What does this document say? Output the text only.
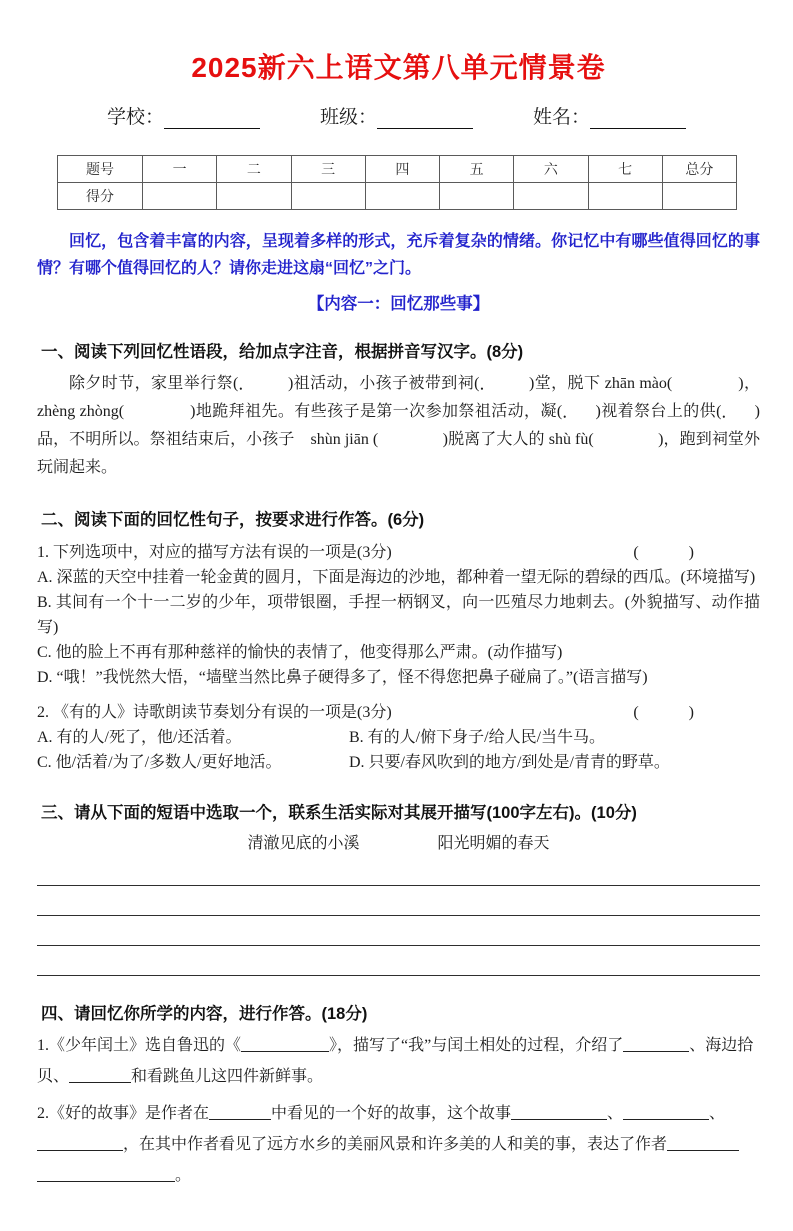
2025新六上语文第八单元情景卷
学校：	班级：	姓名：
题号	一	二	三	四	五	六	七	总分
得分								

回忆，包含着丰富的内容，呈现着多样的形式，充斥着复杂的情绪。你记忆中有哪些值得回忆的事情？有哪个值得回忆的人？请你走进这扇“回忆”之门。

【内容一：回忆那些事】

一、阅读下列回忆性语段，给加点字注音，根据拼音写汉字。(8分)

除夕时节，家里举行祭(　　　)祖活动，小孩子被带到祠(　　　)堂，脱下 zhān mào(　　　　)，zhèng zhòng(　　　　)地跪拜祖先。有些孩子是第一次参加祭祖活动，凝(　　)视着祭台上的供(　　)品，不明所以。祭祖结束后，小孩子　shùn jiān (　　　　)脱离了大人的 shù fù(　　　　)，跑到祠堂外玩闹起来。

二、阅读下面的回忆性句子，按要求进行作答。(6分)
1. 下列选项中，对应的描写方法有误的一项是(3分)	(　　)
A. 深蓝的天空中挂着一轮金黄的圆月，下面是海边的沙地，都种着一望无际的碧绿的西瓜。(环境描写)
B. 其间有一个十一二岁的少年，项带银圈，手捏一柄钢叉，向一匹殖尽力地刺去。(外貌描写、动作描写)
C. 他的脸上不再有那种慈祥的愉快的表情了，他变得那么严肃。(动作描写)
D. “哦！”我恍然大悟，“墙壁当然比鼻子硬得多了，怪不得您把鼻子碰扁了。”(语言描写)
2. 《有的人》诗歌朗读节奏划分有误的一项是(3分)	(　　)
A. 有的人/死了，他/还活着。	B. 有的人/俯下身子/给人民/当牛马。
C. 他/活着/为了/多数人/更好地活。	D. 只要/春风吹到的地方/到处是/青青的野草。
三、请从下面的短语中选取一个，联系生活实际对其展开描写(100字左右)。(10分)
清澈见底的小溪	阳光明媚的春天
四、请回忆你所学的内容，进行作答。(18分)

1.《少年闰土》选自鲁迅的《	》，描写了“我”与闰土相处的过程，介绍了	、海边拾贝、	和看跳鱼儿这四件新鲜事。

2.《好的故事》是作者在	中看见的一个好的故事，这个故事	、	、，在其中作者看见了远方水乡的美丽风景和许多美的人和美的事，表达了作者 。
